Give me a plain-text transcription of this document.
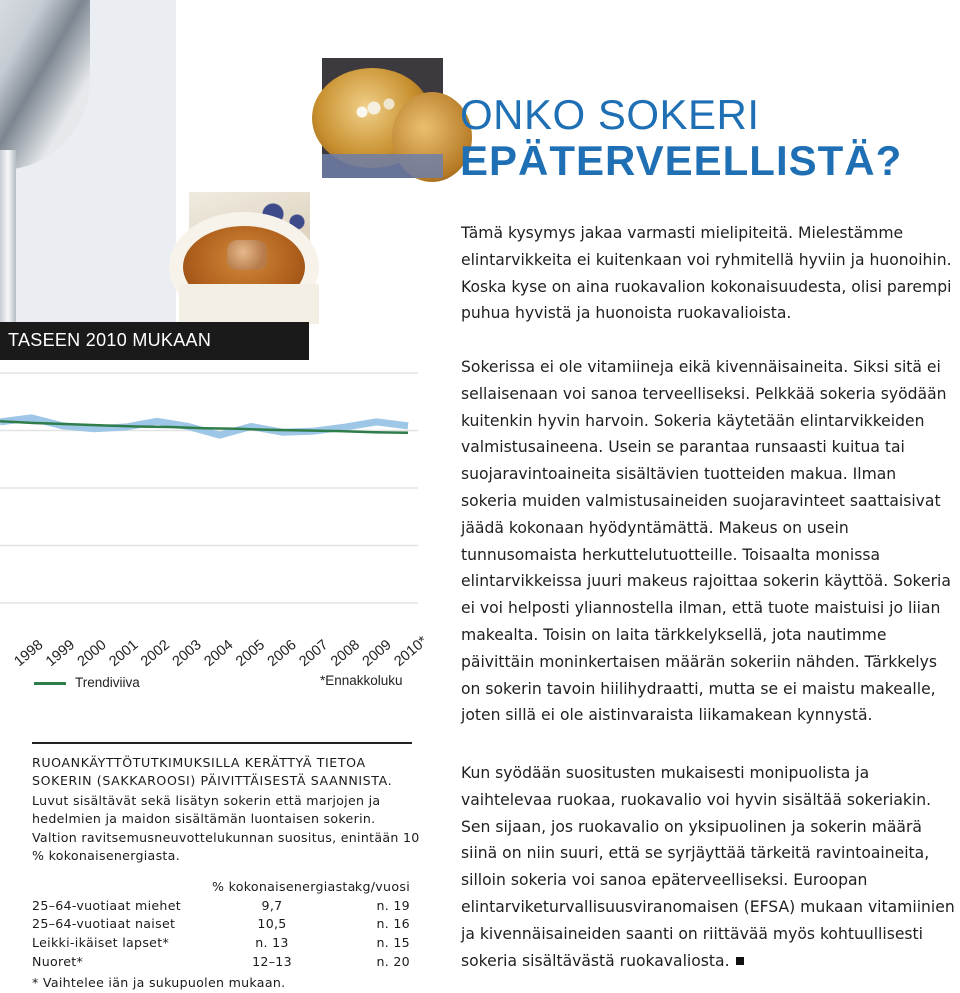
ONKO SOKERI
EPÄTERVEELLISTÄ?

Tämä kysymys jakaa varmasti mielipiteitä. Mielestämme elintarvikkeita ei kuitenkaan voi ryhmitellä hyviin ja huonoihin. Koska kyse on aina ruokavalion kokonaisuudesta, olisi parempi puhua hyvistä ja huonoista ruokavalioista.

Sokerissa ei ole vitamiineja eikä kivennäisaineita. Siksi sitä ei sellaisenaan voi sanoa terveelliseksi. Pelkkää sokeria syödään kuitenkin hyvin harvoin. Sokeria käytetään elintarvikkeiden valmistusaineena. Usein se parantaa runsaasti kuitua tai suojaravintoaineita sisältävien tuotteiden makua. Ilman sokeria muiden valmistusaineiden suojaravinteet saattaisivat jäädä kokonaan hyödyntämättä. Makeus on usein tunnusomaista herkuttelutuotteille. Toisaalta monissa elintarvikkeissa juuri makeus rajoittaa sokerin käyttöä. Sokeria ei voi helposti yliannostella ilman, että tuote maistuisi jo liian makealta. Toisin on laita tärkkelyksellä, jota nautimme päivittäin moninkertaisen määrän sokeriin nähden. Tärkkelys on sokerin tavoin hiilihydraatti, mutta se ei maistu makealle, joten sillä ei ole aistinvaraista liikamakean kynnystä.

Kun syödään suositusten mukaisesti monipuolista ja vaihtelevaa ruokaa, ruokavalio voi hyvin sisältää sokeriakin. Sen sijaan, jos ruokavalio on yksipuolinen ja sokerin määrä siinä on niin suuri, että se syrjäyttää tärkeitä ravintoaineita, silloin sokeria voi sanoa epäterveelliseksi. Euroopan elintarviketurvallisuusviranomaisen (EFSA) mukaan vitamiinien ja kivennäisaineiden saanti on riittävää myös kohtuullisesti sokeria sisältävästä ruokavaliosta.

TASEEN 2010 MUKAAN
1998
1999
2000
2001
2002
2003
2004
2005
2006
2007
2008
2009
2010*
Trendiviiva	*Ennakkoluku
RUOANKÄYTTÖTUTKIMUKSILLA KERÄTTYÄ TIETOA SOKERIN (SAKKAROOSI) PÄIVITTÄISESTÄ SAANNISTA.
Luvut sisältävät sekä lisätyn sokerin että marjojen ja hedelmien ja maidon sisältämän luontaisen sokerin. Valtion ravitsemusneuvottelukunnan suositus, enintään 10 % kokonaisenergiasta.
% kokonaisenergiasta kg/vuosi
25–64-vuotiaat miehet	9,7	n. 19
25–64-vuotiaat naiset	10,5	n. 16
Leikki-ikäiset lapset*	n. 13	n. 15
Nuoret*	12–13	n. 20
* Vaihtelee iän ja sukupuolen mukaan.
